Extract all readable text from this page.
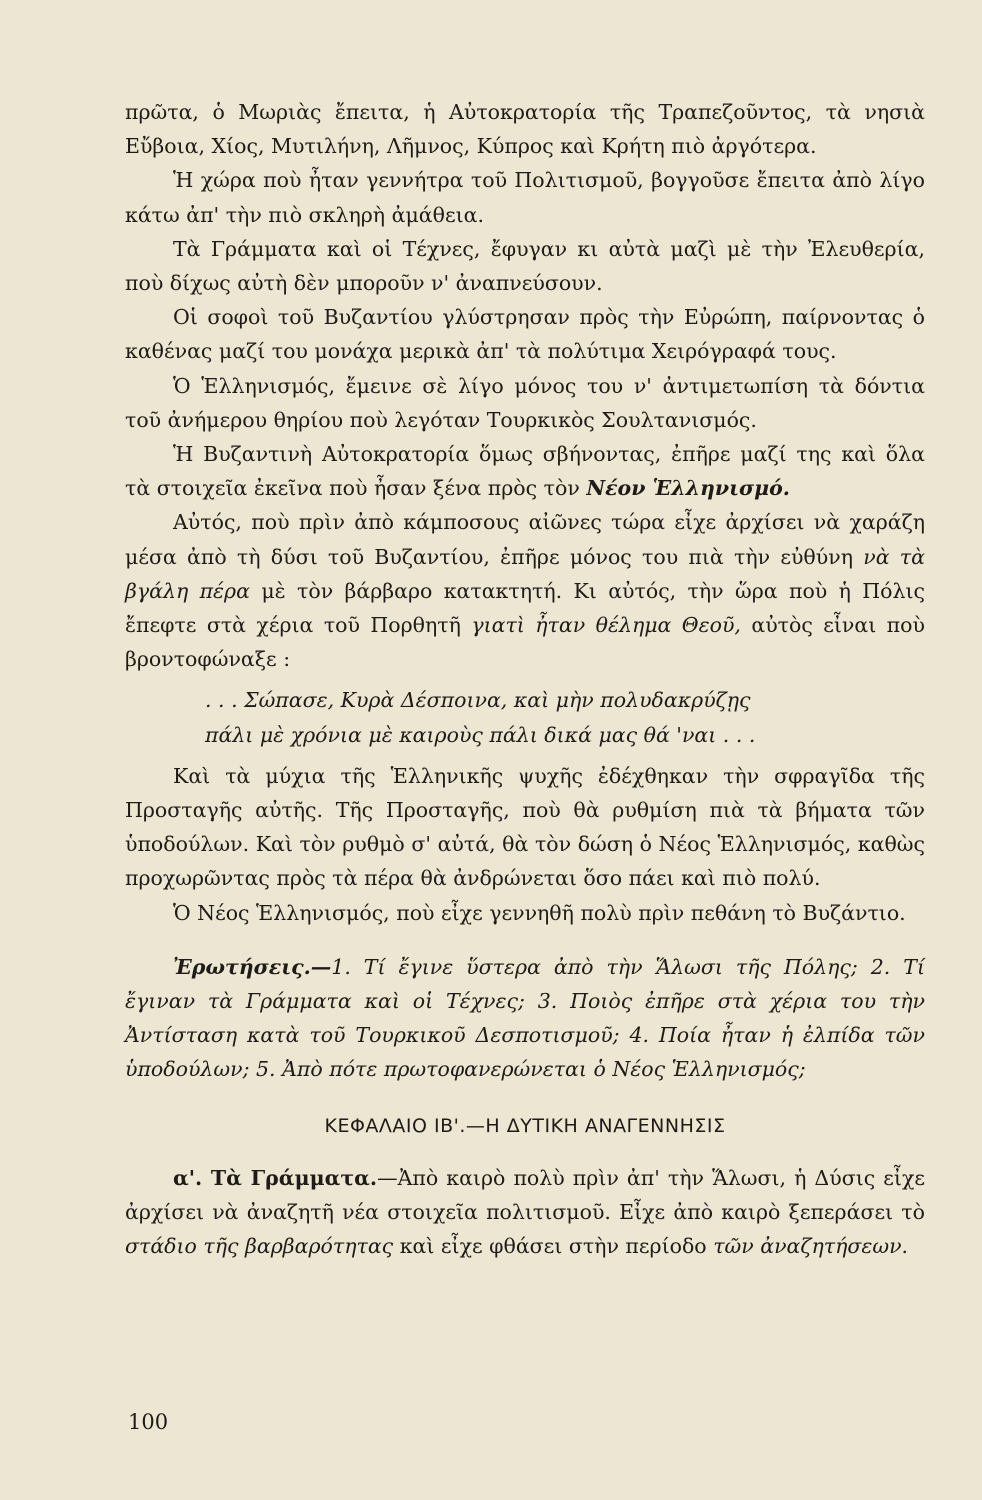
πρῶτα, ὁ Μωριὰς ἔπειτα, ἡ Αὐτοκρατορία τῆς Τραπεζοῦντος, τὰ νησιὰ Εὔβοια, Χίος, Μυτιλήνη, Λῆμνος, Κύπρος καὶ Κρήτη πιὸ ἀργότερα.

Ἡ χώρα ποὺ ἦταν γεννήτρα τοῦ Πολιτισμοῦ, βογγοῦσε ἔπειτα ἀπὸ λίγο κάτω ἀπ' τὴν πιὸ σκληρὴ ἀμάθεια.

Τὰ Γράμματα καὶ οἱ Τέχνες, ἔφυγαν κι αὐτὰ μαζὶ μὲ τὴν Ἐλευθερία, ποὺ δίχως αὐτὴ δὲν μποροῦν ν' ἀναπνεύσουν.

Οἱ σοφοὶ τοῦ Βυζαντίου γλύστρησαν πρὸς τὴν Εὐρώπη, παίρνοντας ὁ καθένας μαζί του μονάχα μερικὰ ἀπ' τὰ πολύτιμα Χειρόγραφά τους.

Ὁ Ἑλληνισμός, ἔμεινε σὲ λίγο μόνος του ν' ἀντιμετωπίση τὰ δόντια τοῦ ἀνήμερου θηρίου ποὺ λεγόταν Τουρκικὸς Σουλτανισμός.

Ἡ Βυζαντινὴ Αὐτοκρατορία ὅμως σβήνοντας, ἐπῆρε μαζί της καὶ ὅλα τὰ στοιχεῖα ἐκεῖνα ποὺ ἦσαν ξένα πρὸς τὸν Νέον Ἑλληνισμό.

Αὐτός, ποὺ πρὶν ἀπὸ κάμποσους αἰῶνες τώρα εἶχε ἀρχίσει νὰ χαράζη μέσα ἀπὸ τὴ δύσι τοῦ Βυζαντίου, ἐπῆρε μόνος του πιὰ τὴν εὐθύνη νὰ τὰ βγάλη πέρα μὲ τὸν βάρβαρο κατακτητή. Κι αὐτός, τὴν ὥρα ποὺ ἡ Πόλις ἔπεφτε στὰ χέρια τοῦ Πορθητῆ γιατὶ ἦταν θέλημα Θεοῦ, αὐτὸς εἶναι ποὺ βροντοφώναξε :

. . . Σώπασε, Κυρὰ Δέσποινα, καὶ μὴν πολυδακρύζῃς
πάλι μὲ χρόνια μὲ καιροὺς πάλι δικά μας θά 'ναι . . .

Καὶ τὰ μύχια τῆς Ἑλληνικῆς ψυχῆς ἐδέχθηκαν τὴν σφραγῖδα τῆς Προσταγῆς αὐτῆς. Τῆς Προσταγῆς, ποὺ θὰ ρυθμίση πιὰ τὰ βήματα τῶν ὑποδούλων. Καὶ τὸν ρυθμὸ σ' αὐτά, θὰ τὸν δώση ὁ Νέος Ἑλληνισμός, καθὼς προχωρῶντας πρὸς τὰ πέρα θὰ ἀνδρώνεται ὅσο πάει καὶ πιὸ πολύ.

Ὁ Νέος Ἑλληνισμός, ποὺ εἶχε γεννηθῆ πολὺ πρὶν πεθάνη τὸ Βυζάντιο.

Ἐρωτήσεις.—1. Τί ἔγινε ὕστερα ἀπὸ τὴν Ἅλωσι τῆς Πόλης; 2. Τί ἔγιναν τὰ Γράμματα καὶ οἱ Τέχνες; 3. Ποιὸς ἐπῆρε στὰ χέρια του τὴν Ἀντίσταση κατὰ τοῦ Τουρκικοῦ Δεσποτισμοῦ; 4. Ποία ἦταν ἡ ἐλπίδα τῶν ὑποδούλων; 5. Ἀπὸ πότε πρωτοφανερώνεται ὁ Νέος Ἑλληνισμός;

ΚΕΦΑΛΑΙΟ ΙΒ'.—Η ΔΥΤΙΚΗ ΑΝΑΓΕΝΝΗΣΙΣ

α'. Τὰ Γράμματα.—Ἀπὸ καιρὸ πολὺ πρὶν ἀπ' τὴν Ἅλωσι, ἡ Δύσις εἶχε ἀρχίσει νὰ ἀναζητῆ νέα στοιχεῖα πολιτισμοῦ. Εἶχε ἀπὸ καιρὸ ξεπεράσει τὸ στάδιο τῆς βαρβαρότητας καὶ εἶχε φθάσει στὴν περίοδο τῶν ἀναζητήσεων.

100
